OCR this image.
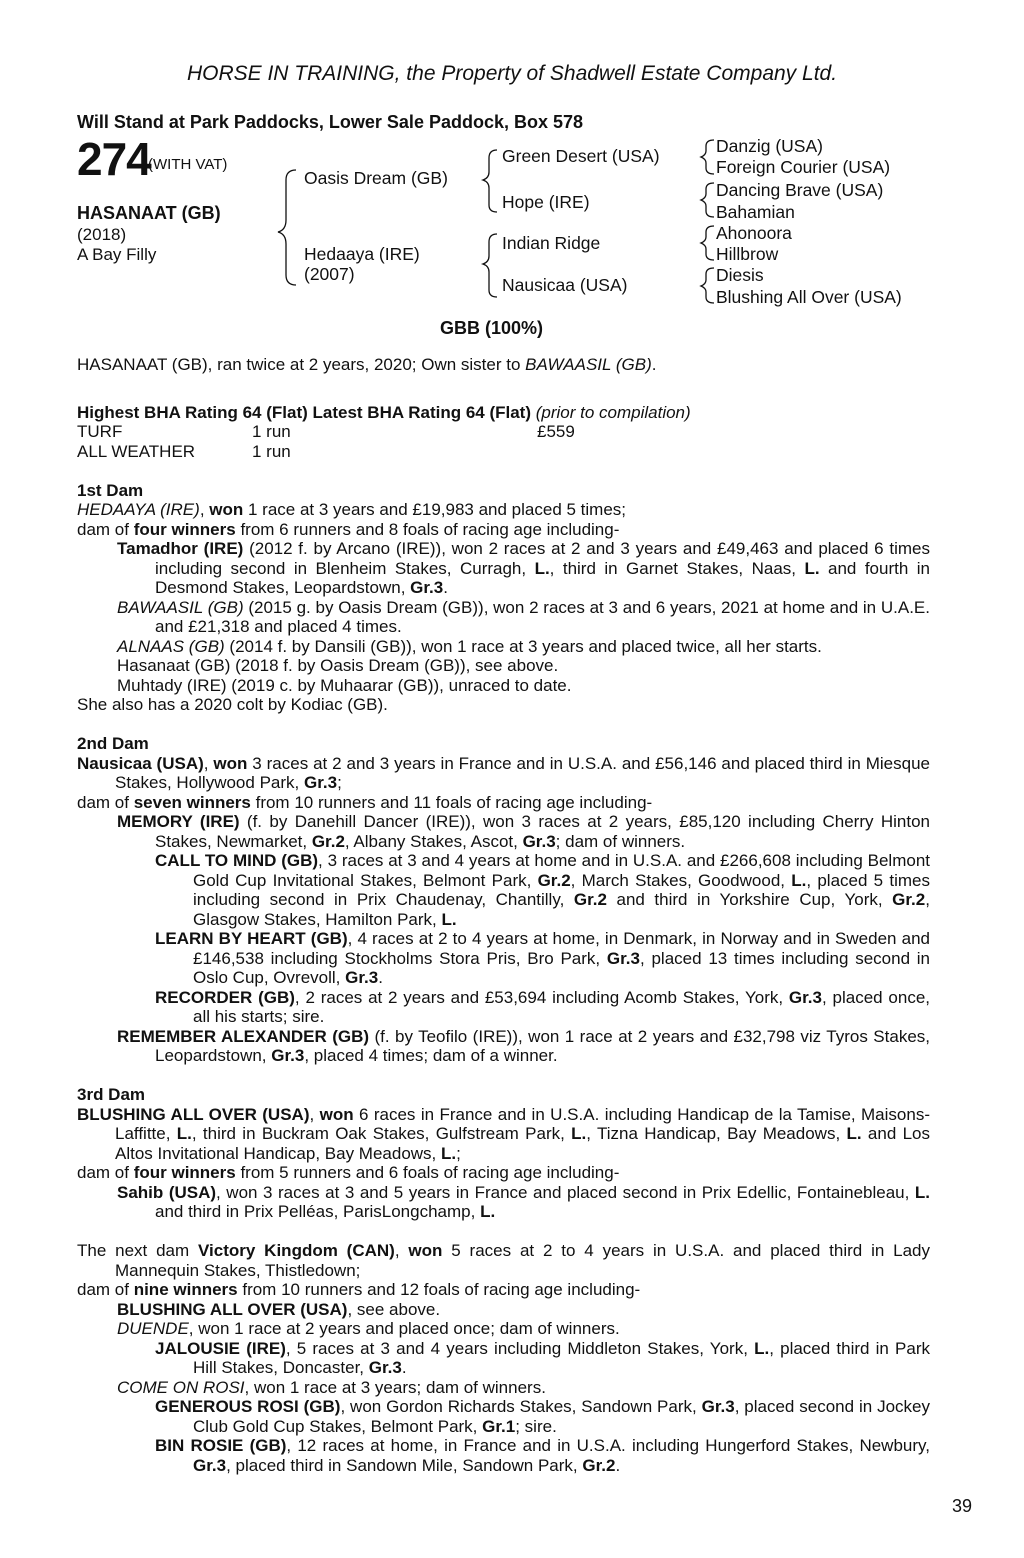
HORSE IN TRAINING, the Property of Shadwell Estate Company Ltd.
Will Stand at Park Paddocks, Lower Sale Paddock, Box 578
274
(WITH VAT)
HASANAAT (GB)
(2018)
A Bay Filly
Oasis Dream (GB)
Hedaaya (IRE)
(2007)
Green Desert (USA)
Hope (IRE)
Indian Ridge
Nausicaa (USA)
Danzig (USA)
Foreign Courier (USA)
Dancing Brave (USA)
Bahamian
Ahonoora
Hillbrow
Diesis
Blushing All Over (USA)
GBB (100%)

HASANAAT (GB), ran twice at 2 years, 2020; Own sister to BAWAASIL (GB).

Highest BHA Rating 64 (Flat) Latest BHA Rating 64 (Flat) (prior to compilation)

TURF	1 run	£559
ALL WEATHER	1 run

1st Dam

HEDAAYA (IRE), won 1 race at 3 years and £19,983 and placed 5 times;

dam of four winners from 6 runners and 8 foals of racing age including-

Tamadhor (IRE) (2012 f. by Arcano (IRE)), won 2 races at 2 and 3 years and £49,463 and placed 6 times including second in Blenheim Stakes, Curragh, L., third in Garnet Stakes, Naas, L. and fourth in Desmond Stakes, Leopardstown, Gr.3.

BAWAASIL (GB) (2015 g. by Oasis Dream (GB)), won 2 races at 3 and 6 years, 2021 at home and in U.A.E. and £21,318 and placed 4 times.

ALNAAS (GB) (2014 f. by Dansili (GB)), won 1 race at 3 years and placed twice, all her starts.

Hasanaat (GB) (2018 f. by Oasis Dream (GB)), see above.

Muhtady (IRE) (2019 c. by Muhaarar (GB)), unraced to date.

She also has a 2020 colt by Kodiac (GB).

2nd Dam

Nausicaa (USA), won 3 races at 2 and 3 years in France and in U.S.A. and £56,146 and placed third in Miesque Stakes, Hollywood Park, Gr.3;

dam of seven winners from 10 runners and 11 foals of racing age including-

MEMORY (IRE) (f. by Danehill Dancer (IRE)), won 3 races at 2 years, £85,120 including Cherry Hinton Stakes, Newmarket, Gr.2, Albany Stakes, Ascot, Gr.3; dam of winners.

CALL TO MIND (GB), 3 races at 3 and 4 years at home and in U.S.A. and £266,608 including Belmont Gold Cup Invitational Stakes, Belmont Park, Gr.2, March Stakes, Goodwood, L., placed 5 times including second in Prix Chaudenay, Chantilly, Gr.2 and third in Yorkshire Cup, York, Gr.2, Glasgow Stakes, Hamilton Park, L.

LEARN BY HEART (GB), 4 races at 2 to 4 years at home, in Denmark, in Norway and in Sweden and £146,538 including Stockholms Stora Pris, Bro Park, Gr.3, placed 13 times including second in Oslo Cup, Ovrevoll, Gr.3.

RECORDER (GB), 2 races at 2 years and £53,694 including Acomb Stakes, York, Gr.3, placed once, all his starts; sire.

REMEMBER ALEXANDER (GB) (f. by Teofilo (IRE)), won 1 race at 2 years and £32,798 viz Tyros Stakes, Leopardstown, Gr.3, placed 4 times; dam of a winner.

3rd Dam

BLUSHING ALL OVER (USA), won 6 races in France and in U.S.A. including Handicap de la Tamise, Maisons-Laffitte, L., third in Buckram Oak Stakes, Gulfstream Park, L., Tizna Handicap, Bay Meadows, L. and Los Altos Invitational Handicap, Bay Meadows, L.;

dam of four winners from 5 runners and 6 foals of racing age including-

Sahib (USA), won 3 races at 3 and 5 years in France and placed second in Prix Edellic, Fontainebleau, L. and third in Prix Pelléas, ParisLongchamp, L.

The next dam Victory Kingdom (CAN), won 5 races at 2 to 4 years in U.S.A. and placed third in Lady Mannequin Stakes, Thistledown;

dam of nine winners from 10 runners and 12 foals of racing age including-

BLUSHING ALL OVER (USA), see above.

DUENDE, won 1 race at 2 years and placed once; dam of winners.

JALOUSIE (IRE), 5 races at 3 and 4 years including Middleton Stakes, York, L., placed third in Park Hill Stakes, Doncaster, Gr.3.

COME ON ROSI, won 1 race at 3 years; dam of winners.

GENEROUS ROSI (GB), won Gordon Richards Stakes, Sandown Park, Gr.3, placed second in Jockey Club Gold Cup Stakes, Belmont Park, Gr.1; sire.

BIN ROSIE (GB), 12 races at home, in France and in U.S.A. including Hungerford Stakes, Newbury, Gr.3, placed third in Sandown Mile, Sandown Park, Gr.2.

39
